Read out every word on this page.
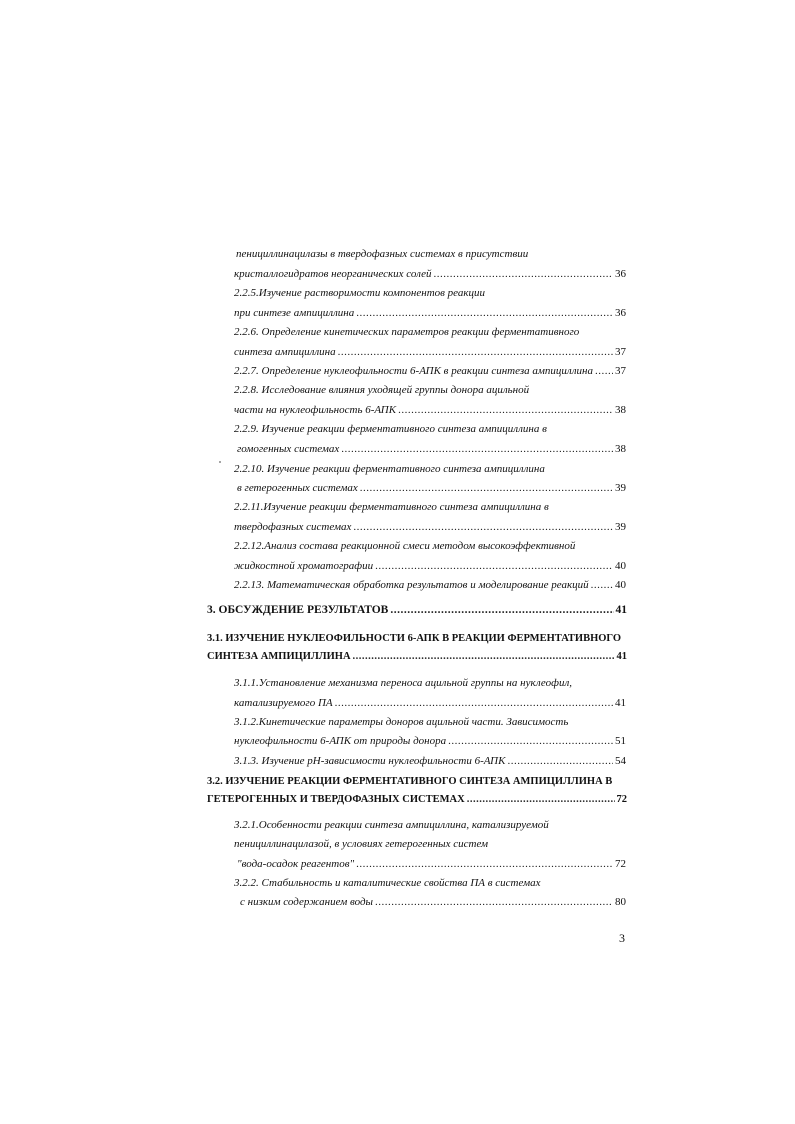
пенициллинацилазы в твердофазных системах в присутствии
кристаллогидратов неорганических солей .....	36
2.2.5.Изучение растворимости компонентов реакции
при синтезе ампициллина .....	36
2.2.6. Определение кинетических параметров реакции ферментативного
синтеза ампициллина .....	37
2.2.7. Определение нуклеофильности 6-АПК в реакции синтеза ампициллина ..... 37
2.2.8. Исследование влияния уходящей группы донора ацильной
части на нуклеофильность 6-АПК .....	38
2.2.9. Изучение реакции ферментативного синтеза ампициллина в
гомогенных системах .....	38
2.2.10. Изучение реакции ферментативного синтеза ампициллина
в гетерогенных системах .....	39
2.2.11.Изучение реакции ферментативного синтеза ампициллина в
твердофазных системах .....	39
2.2.12.Анализ состава реакционной смеси методом высокоэффективной
жидкостной хроматографии .....	40
2.2.13. Математическая обработка результатов и моделирование реакций ..... 40
3. ОБСУЖДЕНИЕ РЕЗУЛЬТАТОВ .....	41
3.1. ИЗУЧЕНИЕ НУКЛЕОФИЛЬНОСТИ 6-АПК В РЕАКЦИИ ФЕРМЕНТАТИВНОГО
СИНТЕЗА АМПИЦИЛЛИНА .....	41
3.1.1.Установление механизма переноса ацильной группы на нуклеофил,
катализируемого ПА .....	41
3.1.2.Кинетические параметры доноров ацильной части. Зависимость
нуклеофильности 6-АПК от природы донора .....	51
3.1.3. Изучение рН-зависимости нуклеофильности 6-АПК .....	54
3.2. ИЗУЧЕНИЕ РЕАКЦИИ ФЕРМЕНТАТИВНОГО СИНТЕЗА АМПИЦИЛЛИНА В
ГЕТЕРОГЕННЫХ И ТВЕРДОФАЗНЫХ СИСТЕМАХ .....	72
3.2.1.Особенности реакции синтеза ампициллина, катализируемой
пенициллинацилазой, в условиях гетерогенных систем
"вода-осадок реагентов" .....	72
3.2.2. Стабильность и каталитические свойства ПА в системах
с низким содержанием воды .....	80
3
